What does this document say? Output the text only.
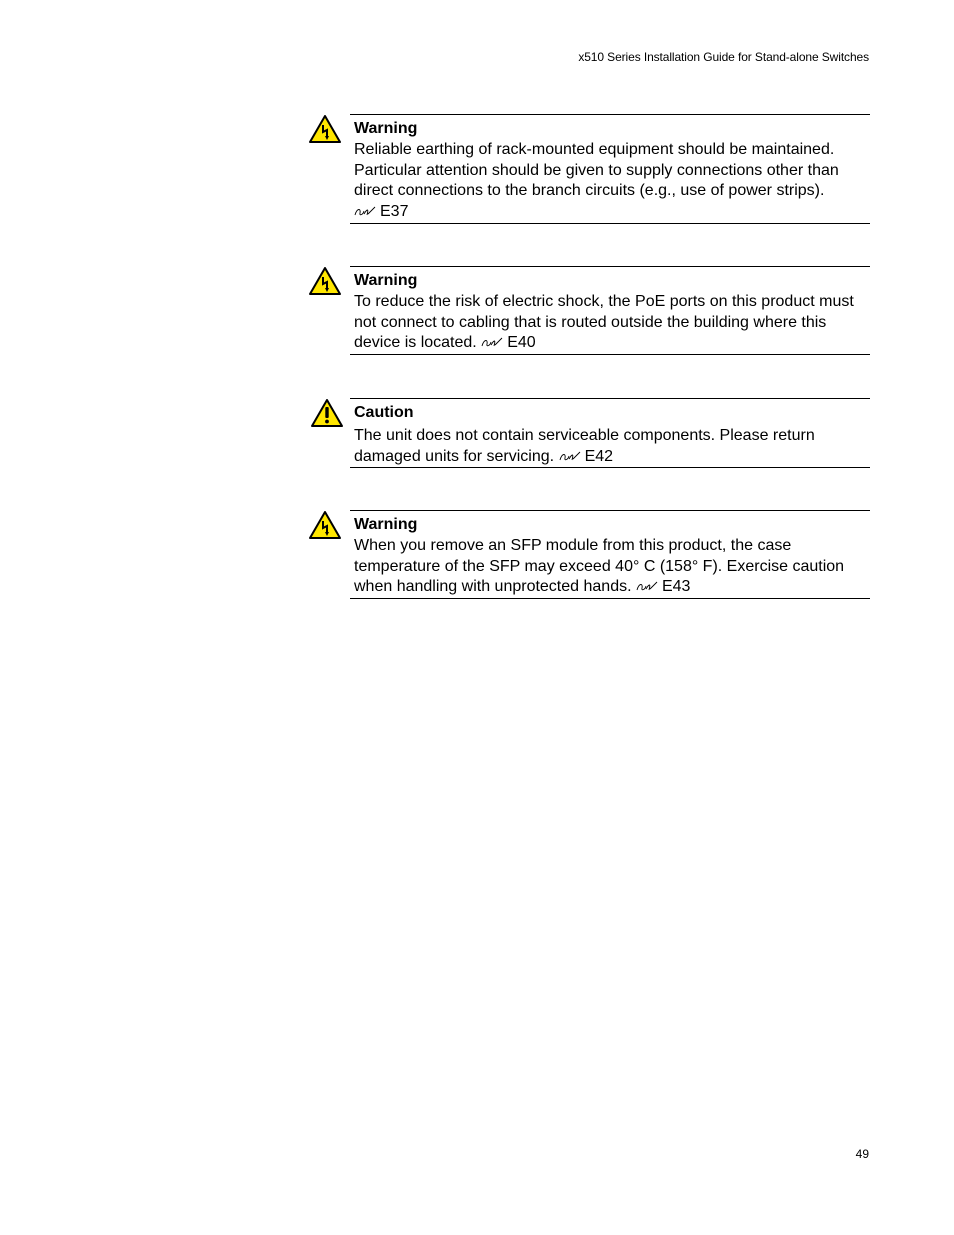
x510 Series Installation Guide for Stand-alone Switches
Warning
Reliable earthing of rack-mounted equipment should be maintained. Particular attention should be given to supply connections other than direct connections to the branch circuits (e.g., use of power strips). E37
Warning
To reduce the risk of electric shock, the PoE ports on this product must not connect to cabling that is routed outside the building where this device is located. E40
Caution
The unit does not contain serviceable components. Please return damaged units for servicing. E42
Warning
When you remove an SFP module from this product, the case temperature of the SFP may exceed 40° C (158° F). Exercise caution when handling with unprotected hands. E43
49
